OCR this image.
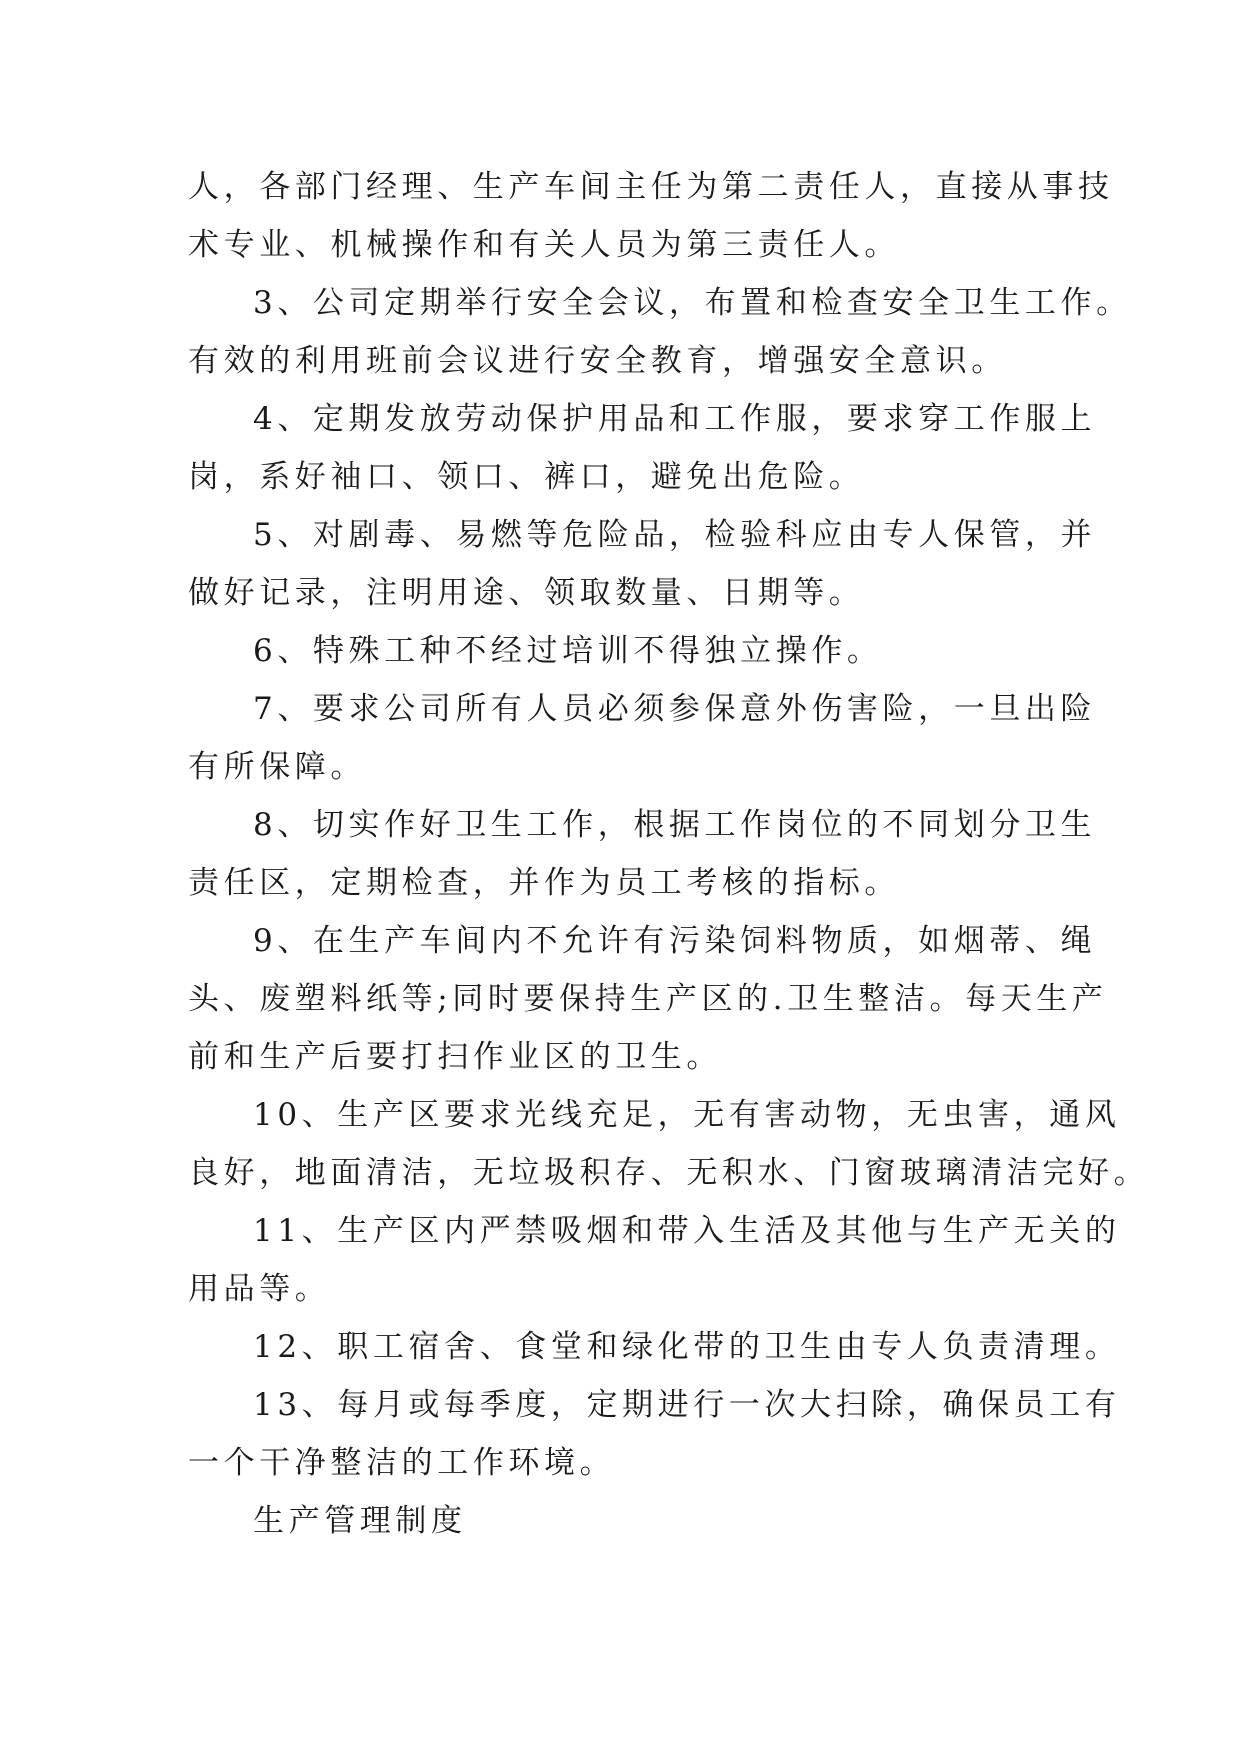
人，各部门经理、生产车间主任为第二责任人，直接从事技
术专业、机械操作和有关人员为第三责任人。

3、公司定期举行安全会议，布置和检查安全卫生工作。
有效的利用班前会议进行安全教育，增强安全意识。

4、定期发放劳动保护用品和工作服，要求穿工作服上
岗，系好袖口、领口、裤口，避免出危险。

5、对剧毒、易燃等危险品，检验科应由专人保管，并
做好记录，注明用途、领取数量、日期等。

6、特殊工种不经过培训不得独立操作。

7、要求公司所有人员必须参保意外伤害险，一旦出险
有所保障。

8、切实作好卫生工作，根据工作岗位的不同划分卫生
责任区，定期检查，并作为员工考核的指标。

9、在生产车间内不允许有污染饲料物质，如烟蒂、绳
头、废塑料纸等;同时要保持生产区的.卫生整洁。每天生产
前和生产后要打扫作业区的卫生。

10、生产区要求光线充足，无有害动物，无虫害，通风
良好，地面清洁，无垃圾积存、无积水、门窗玻璃清洁完好。

11、生产区内严禁吸烟和带入生活及其他与生产无关的
用品等。

12、职工宿舍、食堂和绿化带的卫生由专人负责清理。

13、每月或每季度，定期进行一次大扫除，确保员工有
一个干净整洁的工作环境。

生产管理制度
